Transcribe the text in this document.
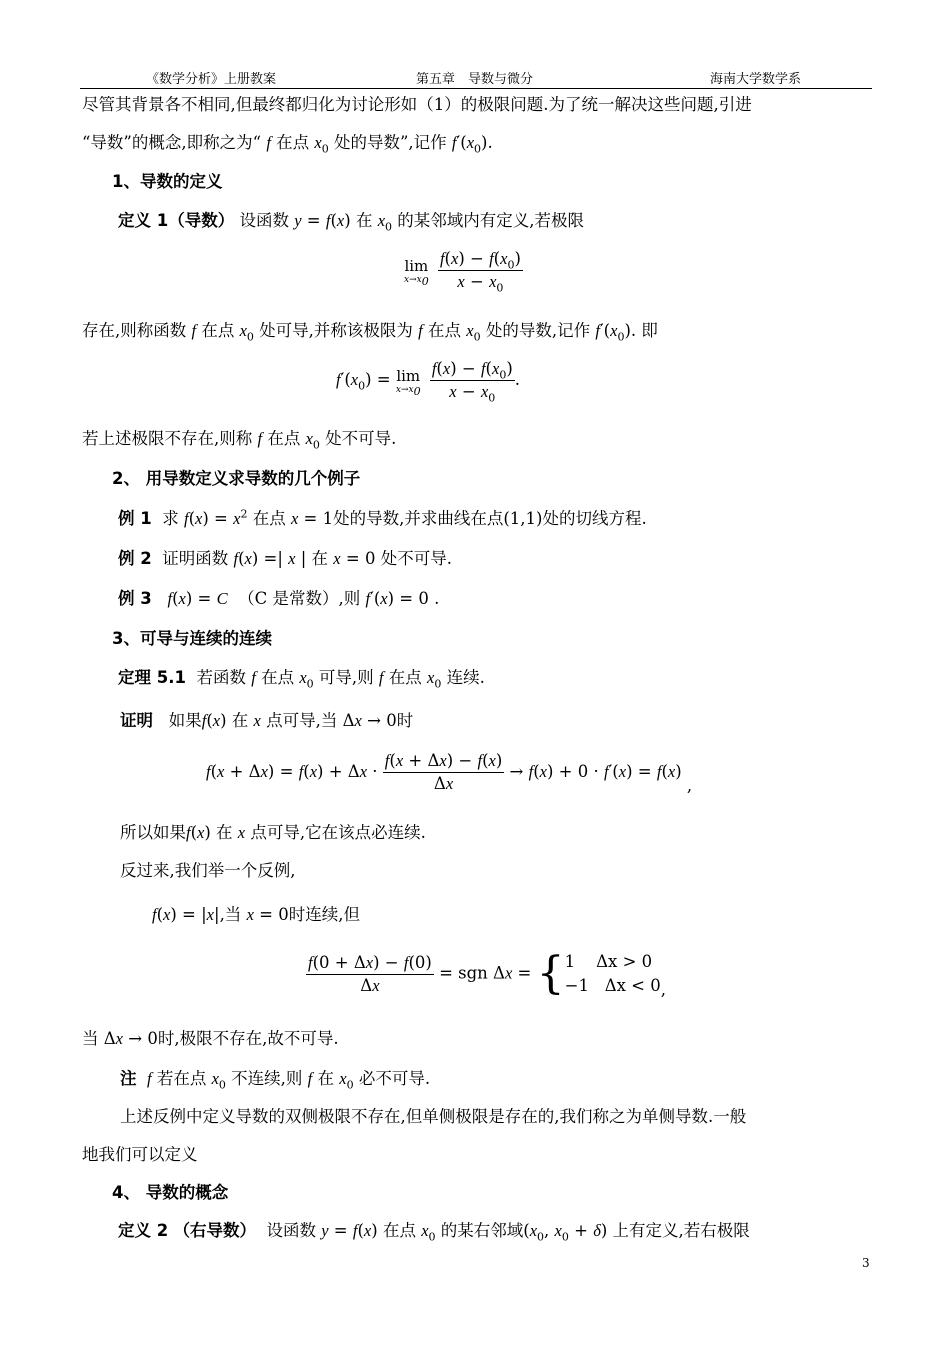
《数学分析》上册教案	第五章　导数与微分	海南大学数学系
尽管其背景各不相同,但最终都归化为讨论形如（1）的极限问题.为了统一解决这些问题,引进
“导数”的概念,即称之为“ f 在点 $x_0$ 处的导数”,记作 $f'(x_0)$.
1、导数的定义
定义 1（导数） 设函数 y = f(x) 在 $x_0$ 的某邻域内有定义,若极限
lim
$x\to x_0$
$\frac{f(x) - f(x_0)}{x - x_0}$
存在,则称函数 f 在点 $x_0$ 处可导,并称该极限为 f 在点 $x_0$ 处的导数,记作 $f'(x_0)$. 即
$f'(x_0) = \lim$
$x\to x_0$
$\frac{f(x) - f(x_0)}{x - x_0}$ .
若上述极限不存在,则称 f 在点 $x_0$ 处不可导.
2、 用导数定义求导数的几个例子
例 1 求 $f(x) = x^2$ 在点 x = 1处的导数,并求曲线在点(1,1)处的切线方程.
例 2 证明函数 f(x) =| x | 在 x = 0 处不可导.
例 3 f(x) = C （C 是常数）,则 f′(x) = 0 .
3、可导与连续的连续
定理 5.1 若函数 f 在点 $x_0$ 可导,则 f 在点 $x_0$ 连续.
证明 如果f(x) 在 x 点可导,当 Δx → 0时
$f(x + \Delta x) = f(x) + \Delta x \cdot \frac{f(x + \Delta x) - f(x)}{\Delta x} \to f(x) + 0 \cdot f'(x) = f(x)$ ,
所以如果f(x) 在 x 点可导,它在该点必连续.
反过来,我们举一个反例,
f(x) = |x|,当 x = 0时连续,但
$\frac{f(0 + \Delta x) - f(0)}{\Delta x}$ = sgn Δx = { 1 Δx > 0
−1 Δx < 0 ,
当 Δx → 0时,极限不存在,故不可导.
注 f 若在点 $x_0$ 不连续,则 f 在 $x_0$ 必不可导.
上述反例中定义导数的双侧极限不存在,但单侧极限是存在的,我们称之为单侧导数.一般
地我们可以定义
4、 导数的概念
定义 2 （右导数） 设函数 y = f(x) 在点 $x_0$ 的某右邻域($x_0$, $x_0 + \delta$) 上有定义,若右极限
3
